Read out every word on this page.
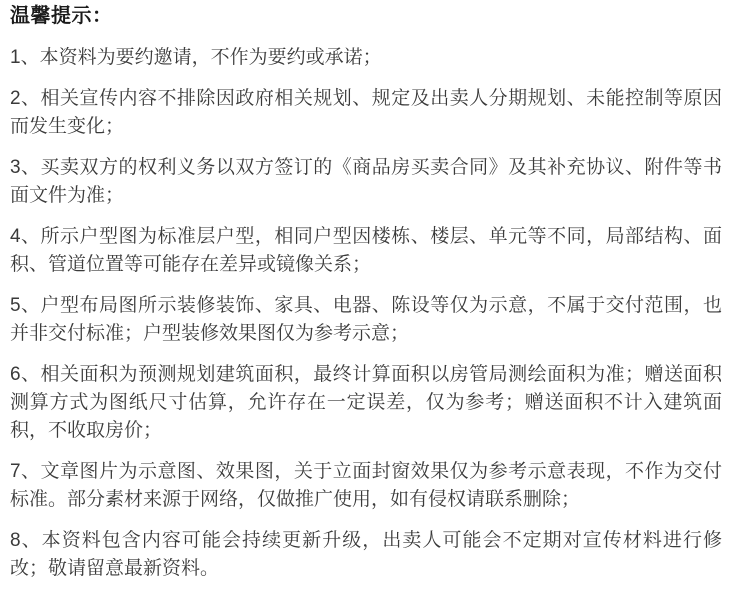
温馨提示：

1、本资料为要约邀请，不作为要约或承诺；

2、相关宣传内容不排除因政府相关规划、规定及出卖人分期规划、未能控制等原因而发生变化；

3、买卖双方的权利义务以双方签订的《商品房买卖合同》及其补充协议、附件等书面文件为准；

4、所示户型图为标准层户型，相同户型因楼栋、楼层、单元等不同，局部结构、面积、管道位置等可能存在差异或镜像关系；

5、户型布局图所示装修装饰、家具、电器、陈设等仅为示意，不属于交付范围，也并非交付标准；户型装修效果图仅为参考示意；

6、相关面积为预测规划建筑面积，最终计算面积以房管局测绘面积为准；赠送面积测算方式为图纸尺寸估算，允许存在一定误差，仅为参考；赠送面积不计入建筑面积，不收取房价；

7、文章图片为示意图、效果图，关于立面封窗效果仅为参考示意表现，不作为交付标准。部分素材来源于网络，仅做推广使用，如有侵权请联系删除；

8、本资料包含内容可能会持续更新升级，出卖人可能会不定期对宣传材料进行修改；敬请留意最新资料。
